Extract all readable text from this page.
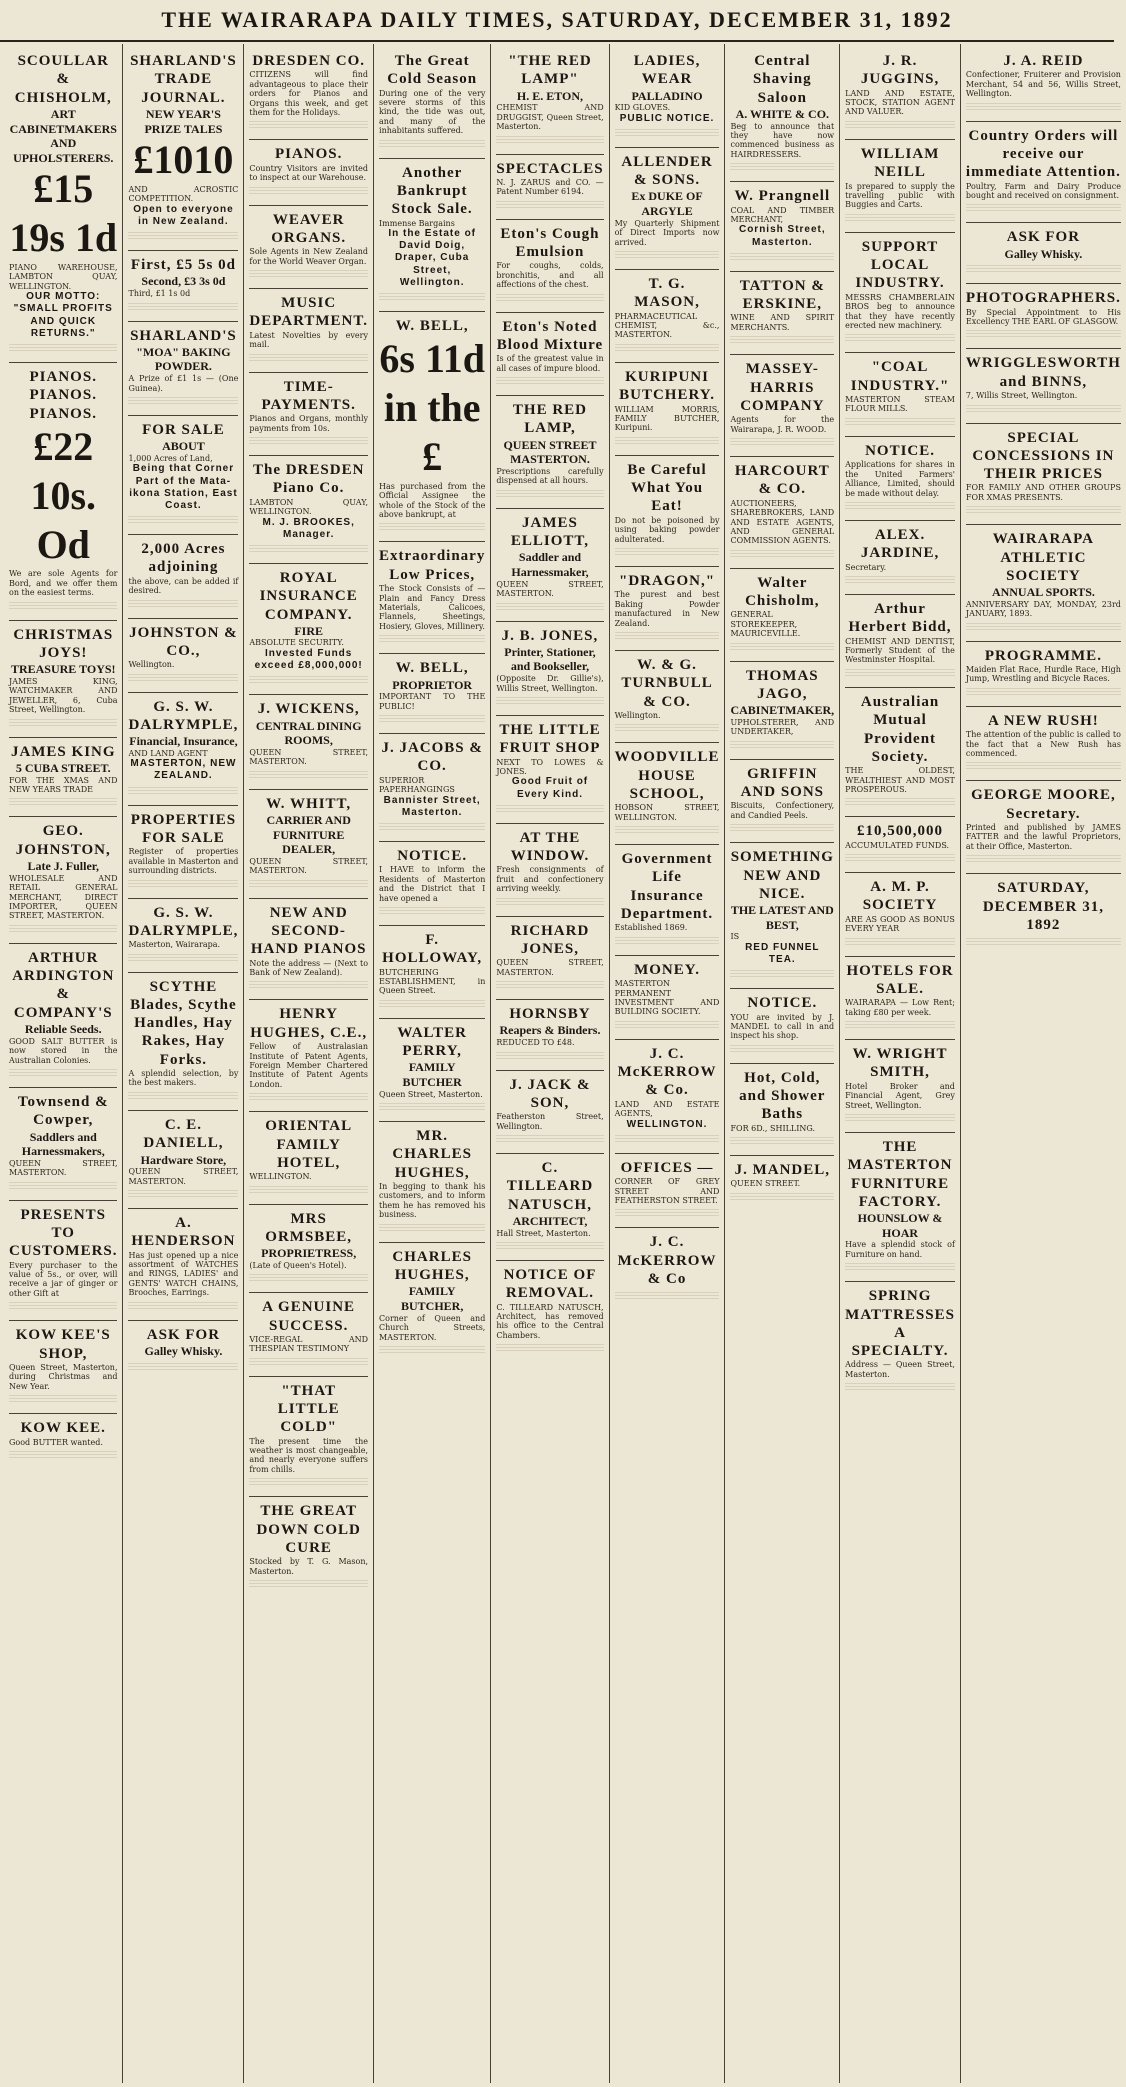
THE WAIRARAPA DAILY TIMES, SATURDAY, DECEMBER 31, 1892
SCOULLAR & CHISHOLM,
ART CABINETMAKERS AND UPHOLSTERERS.
£15 19s 1d
PIANO WAREHOUSE, LAMBTON QUAY, WELLINGTON.
OUR MOTTO: "SMALL PROFITS AND QUICK RETURNS."
PIANOS. PIANOS. PIANOS.
£22 10s. Od
We are sole Agents for Bord, and we offer them on the easiest terms.
CHRISTMAS JOYS!
TREASURE TOYS!
JAMES KING, WATCHMAKER AND JEWELLER, 6, Cuba Street, Wellington.
JAMES KING
5 CUBA STREET.
FOR THE XMAS AND NEW YEARS TRADE
GEO. JOHNSTON,
Late J. Fuller,
WHOLESALE AND RETAIL GENERAL MERCHANT, DIRECT IMPORTER, QUEEN STREET, MASTERTON.
ARTHUR ARDINGTON & COMPANY'S
Reliable Seeds.
GOOD SALT BUTTER is now stored in the Australian Colonies.
Townsend & Cowper,
Saddlers and Harnessmakers,
QUEEN STREET, MASTERTON.
PRESENTS TO CUSTOMERS.
Every purchaser to the value of 5s., or over, will receive a jar of ginger or other Gift at
KOW KEE'S SHOP,
Queen Street, Masterton, during Christmas and New Year.
KOW KEE.
Good BUTTER wanted.
SHARLAND'S TRADE JOURNAL.
NEW YEAR'S PRIZE TALES
£1010
AND ACROSTIC COMPETITION.
Open to everyone in New Zealand.
First, £5 5s 0d
Second, £3 3s 0d
Third, £1 1s 0d
SHARLAND'S
"MOA" BAKING POWDER.
A Prize of £1 1s — (One Guinea).
FOR SALE
ABOUT
1,000 Acres of Land,
Being that Corner Part of the Mata-ikona Station, East Coast.
2,000 Acres adjoining
the above, can be added if desired.
JOHNSTON & CO.,
Wellington.
G. S. W. DALRYMPLE,
Financial, Insurance,
AND LAND AGENT
MASTERTON, NEW ZEALAND.
PROPERTIES FOR SALE
Register of properties available in Masterton and surrounding districts.
G. S. W. DALRYMPLE,
Masterton, Wairarapa.
SCYTHE Blades, Scythe Handles, Hay Rakes, Hay Forks.
A splendid selection, by the best makers.
C. E. DANIELL,
Hardware Store,
QUEEN STREET, MASTERTON.
A. HENDERSON
Has just opened up a nice assortment of WATCHES and RINGS, LADIES' and GENTS' WATCH CHAINS, Brooches, Earrings.
ASK FOR
Galley Whisky.
DRESDEN CO.
CITIZENS will find advantageous to place their orders for Pianos and Organs this week, and get them for the Holidays.
PIANOS.
Country Visitors are invited to inspect at our Warehouse.
WEAVER ORGANS.
Sole Agents in New Zealand for the World Weaver Organ.
MUSIC DEPARTMENT.
Latest Novelties by every mail.
TIME-PAYMENTS.
Pianos and Organs, monthly payments from 10s.
The DRESDEN Piano Co.
LAMBTON QUAY, WELLINGTON.
M. J. BROOKES, Manager.
ROYAL INSURANCE COMPANY.
FIRE
ABSOLUTE SECURITY.
Invested Funds exceed £8,000,000!
J. WICKENS,
CENTRAL DINING ROOMS,
QUEEN STREET, MASTERTON.
W. WHITT,
CARRIER AND FURNITURE DEALER,
QUEEN STREET, MASTERTON.
NEW AND SECOND-HAND PIANOS
Note the address — (Next to Bank of New Zealand).
HENRY HUGHES, C.E.,
Fellow of Australasian Institute of Patent Agents, Foreign Member Chartered Institute of Patent Agents London.
ORIENTAL FAMILY HOTEL,
WELLINGTON.
MRS ORMSBEE,
PROPRIETRESS,
(Late of Queen's Hotel).
A GENUINE SUCCESS.
VICE-REGAL AND THESPIAN TESTIMONY
"THAT LITTLE COLD"
The present time the weather is most changeable, and nearly everyone suffers from chills.
THE GREAT DOWN COLD CURE
Stocked by T. G. Mason, Masterton.
The Great Cold Season
During one of the very severe storms of this kind, the tide was out, and many of the inhabitants suffered.
Another Bankrupt Stock Sale.
Immense Bargains
In the Estate of David Doig, Draper, Cuba Street, Wellington.
W. BELL,
6s 11d in the £
Has purchased from the Official Assignee the whole of the Stock of the above bankrupt, at
Extraordinary Low Prices,
The Stock Consists of — Plain and Fancy Dress Materials, Calicoes, Flannels, Sheetings, Hosiery, Gloves, Millinery.
W. BELL,
PROPRIETOR
IMPORTANT TO THE PUBLIC!
J. JACOBS & CO.
SUPERIOR PAPERHANGINGS
Bannister Street, Masterton.
NOTICE.
I HAVE to inform the Residents of Masterton and the District that I have opened a
F. HOLLOWAY,
BUTCHERING ESTABLISHMENT, in Queen Street.
WALTER PERRY,
FAMILY BUTCHER
Queen Street, Masterton.
MR. CHARLES HUGHES,
In begging to thank his customers, and to inform them he has removed his business.
CHARLES HUGHES,
FAMILY BUTCHER,
Corner of Queen and Church Streets, MASTERTON.
"THE RED LAMP"
H. E. ETON,
CHEMIST AND DRUGGIST, Queen Street, Masterton.
SPECTACLES
N. J. ZARUS and CO. — Patent Number 6194.
Eton's Cough Emulsion
For coughs, colds, bronchitis, and all affections of the chest.
Eton's Noted Blood Mixture
Is of the greatest value in all cases of impure blood.
THE RED LAMP,
QUEEN STREET MASTERTON.
Prescriptions carefully dispensed at all hours.
JAMES ELLIOTT,
Saddler and Harnessmaker,
QUEEN STREET, MASTERTON.
J. B. JONES,
Printer, Stationer, and Bookseller,
(Opposite Dr. Gillie's), Willis Street, Wellington.
THE LITTLE FRUIT SHOP
NEXT TO LOWES & JONES.
Good Fruit of Every Kind.
AT THE WINDOW.
Fresh consignments of fruit and confectionery arriving weekly.
RICHARD JONES,
QUEEN STREET, MASTERTON.
HORNSBY
Reapers & Binders.
REDUCED TO £48.
J. JACK & SON,
Featherston Street, Wellington.
C. TILLEARD NATUSCH,
ARCHITECT,
Hall Street, Masterton.
NOTICE OF REMOVAL.
C. TILLEARD NATUSCH, Architect, has removed his office to the Central Chambers.
LADIES, WEAR
PALLADINO
KID GLOVES.
PUBLIC NOTICE.
ALLENDER & SONS.
Ex DUKE OF ARGYLE
My Quarterly Shipment of Direct Imports now arrived.
T. G. MASON,
PHARMACEUTICAL CHEMIST, &c., MASTERTON.
KURIPUNI BUTCHERY.
WILLIAM MORRIS, FAMILY BUTCHER, Kuripuni.
Be Careful What You Eat!
Do not be poisoned by using baking powder adulterated.
"DRAGON,"
The purest and best Baking Powder manufactured in New Zealand.
W. & G. TURNBULL & CO.
Wellington.
WOODVILLE HOUSE SCHOOL,
HOBSON STREET, WELLINGTON.
Government Life Insurance Department.
Established 1869.
MONEY.
MASTERTON PERMANENT INVESTMENT AND BUILDING SOCIETY.
J. C. McKERROW & Co.
LAND AND ESTATE AGENTS,
WELLINGTON.
OFFICES —
CORNER OF GREY STREET AND FEATHERSTON STREET.
J. C. McKERROW & Co
Central Shaving Saloon
A. WHITE & CO.
Beg to announce that they have now commenced business as HAIRDRESSERS.
W. Prangnell
COAL AND TIMBER MERCHANT,
Cornish Street, Masterton.
TATTON & ERSKINE,
WINE AND SPIRIT MERCHANTS.
MASSEY-HARRIS COMPANY
Agents for the Wairarapa, J. R. WOOD.
HARCOURT & CO.
AUCTIONEERS, SHAREBROKERS, LAND AND ESTATE AGENTS, AND GENERAL COMMISSION AGENTS.
Walter Chisholm,
GENERAL STOREKEEPER, MAURICEVILLE.
THOMAS JAGO,
CABINETMAKER,
UPHOLSTERER, AND UNDERTAKER,
GRIFFIN AND SONS
Biscuits, Confectionery, and Candied Peels.
SOMETHING NEW AND NICE.
THE LATEST AND BEST,
IS
RED FUNNEL TEA.
NOTICE.
YOU are invited by J. MANDEL to call in and inspect his shop.
Hot, Cold, and Shower Baths
FOR 6D., SHILLING.
J. MANDEL,
QUEEN STREET.
J. R. JUGGINS,
LAND AND ESTATE, STOCK, STATION AGENT AND VALUER.
WILLIAM NEILL
Is prepared to supply the travelling public with Buggies and Carts.
SUPPORT LOCAL INDUSTRY.
MESSRS CHAMBERLAIN BROS beg to announce that they have recently erected new machinery.
"COAL INDUSTRY."
MASTERTON STEAM FLOUR MILLS.
NOTICE.
Applications for shares in the United Farmers' Alliance, Limited, should be made without delay.
ALEX. JARDINE,
Secretary.
Arthur Herbert Bidd,
CHEMIST AND DENTIST, Formerly Student of the Westminster Hospital.
Australian Mutual Provident Society.
THE OLDEST, WEALTHIEST AND MOST PROSPEROUS.
£10,500,000
ACCUMULATED FUNDS.
A. M. P. SOCIETY
ARE AS GOOD AS BONUS EVERY YEAR
HOTELS FOR SALE.
WAIRARAPA — Low Rent; taking £80 per week.
W. WRIGHT SMITH,
Hotel Broker and Financial Agent, Grey Street, Wellington.
THE MASTERTON FURNITURE FACTORY.
HOUNSLOW & HOAR
Have a splendid stock of Furniture on hand.
SPRING MATTRESSES A SPECIALTY.
Address — Queen Street, Masterton.
J. A. REID
Confectioner, Fruiterer and Provision Merchant, 54 and 56, Willis Street, Wellington.
Country Orders will receive our immediate Attention.
Poultry, Farm and Dairy Produce bought and received on consignment.
ASK FOR
Galley Whisky.
PHOTOGRAPHERS.
By Special Appointment to His Excellency THE EARL OF GLASGOW.
WRIGGLESWORTH and BINNS,
7, Willis Street, Wellington.
SPECIAL CONCESSIONS IN THEIR PRICES
FOR FAMILY AND OTHER GROUPS FOR XMAS PRESENTS.
WAIRARAPA ATHLETIC SOCIETY
ANNUAL SPORTS.
ANNIVERSARY DAY, MONDAY, 23rd JANUARY, 1893.
PROGRAMME.
Maiden Flat Race, Hurdle Race, High Jump, Wrestling and Bicycle Races.
A NEW RUSH!
The attention of the public is called to the fact that a New Rush has commenced.
GEORGE MOORE, Secretary.
Printed and published by JAMES FATTER and the lawful Proprietors, at their Office, Masterton.
SATURDAY, DECEMBER 31, 1892
